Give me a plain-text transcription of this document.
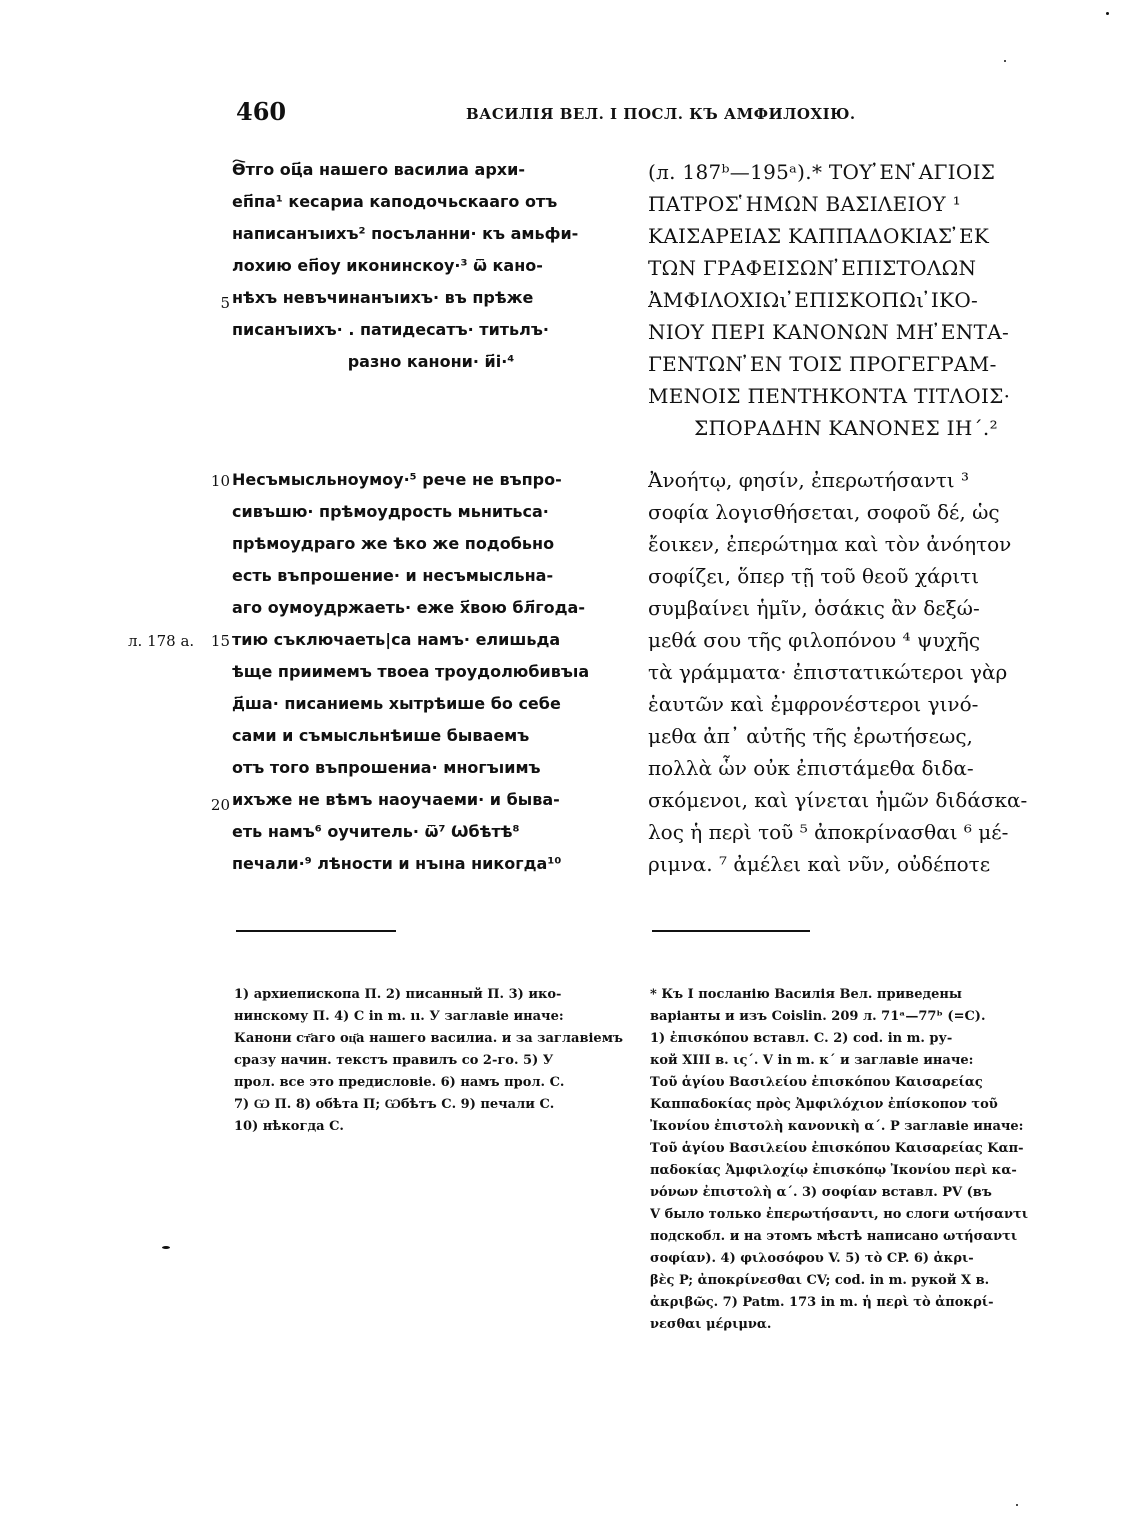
460	ВАСИЛІЯ ВЕЛ. I ПОСЛ. КЪ АМФИЛОХІЮ.
Ѳ҇тго оц҃а нашего василиа архи-
еп҃па¹ кесариа каподочьскааго отъ
написанъıихъ² посъланни· къ амьфи-
лохию еп҃оу иконинскоу·³ ѿ кано-
нѣхъ невъчинанъıихъ· въ прѣже
писанъıихъ· . патидесатъ· титьлъ·
разно канони· и҃і·⁴
Несъмысльноумоу·⁵ рече не въпро-
сивъшю· прѣмоудрость мьнитьса·
прѣмоудраго же ѣко же подобьно
есть въпрошение· и несъмысльна-
аго оумоудржаеть· еже х҃вою бл҃года-
тию съключаеть|са намъ· елишьда
ѣще приимемъ твоеа троудолюбивъıа
д҃ша· писаниемь хытрѣише бо себе
сами и съмысльнѣише бываемъ
отъ того въпрошениа· многъıимъ
ихъже не вѣмъ наоучаеми· и быва-
еть намъ⁶ оучитель· ѿ⁷ Ѡбѣтѣ⁸
печали·⁹ лѣности и нъıна никогда¹⁰
5
10
15
20
л. 178 а.
(л. 187ᵇ—195ᵃ).* ΤΟΥ ̓ΕΝ ̔ΑΓΙΟΙΣ
ΠΑΤΡΟΣ ̔ΗΜΩΝ ΒΑΣΙΛΕΙΟΥ ¹
ΚΑΙΣΑΡΕΙΑΣ ΚΑΠΠΑΔΟΚΙΑΣ ̓ΕΚ
ΤΩΝ ΓΡΑΦΕΙΣΩΝ ̓ΕΠΙΣΤΟΛΩΝ
ἈΜΦΙΛΟΧΙΩι ̓ΕΠΙΣΚΟΠΩι ̓ΙΚΟ-
ΝΙΟΥ ΠΕΡΙ ΚΑΝΟΝΩΝ ΜΗ ̓ΕΝΤΑ-
ΓΕΝΤΩΝ ̓ΕΝ ΤΟΙΣ ΠΡΟΓΕΓΡΑΜ-
ΜΕΝΟΙΣ ΠΕΝΤΗΚΟΝΤΑ ΤΙΤΛΟΙΣ·
ΣΠΟΡΑΔΗΝ ΚΑΝΟΝΕΣ ΙΗ΄.²
Ἀνοήτῳ, φησίν, ἐπερωτήσαντι ³
σοφία λογισθήσεται, σοφοῦ δέ, ὡς
ἔοικεν, ἐπερώτημα καὶ τὸν ἀνόητον
σοφίζει, ὅπερ τῇ τοῦ θεοῦ χάριτι
συμβαίνει ἡμῖν, ὁσάκις ἂν δεξώ-
μεθά σου τῆς φιλοπόνου ⁴ ψυχῆς
τὰ γράμματα· ἐπιστατικώτεροι γὰρ
ἑαυτῶν καὶ ἐμφρονέστεροι γινό-
μεθα ἀπ᾽ αὐτῆς τῆς ἐρωτήσεως,
πολλὰ ὧν οὐκ ἐπιστάμεθα διδα-
σκόμενοι, καὶ γίνεται ἡμῶν διδάσκα-
λος ἡ περὶ τοῦ ⁵ ἀποκρίνασθαι ⁶ μέ-
ριμνα. ⁷ ἀμέλει καὶ νῦν, οὐδέποτε
1) архиепископа П. 2) писанный П. 3) ико-
нинскому П. 4) С in m. ıı. У заглавіе иначе:
Канони ст҃аго оц҃а нашего василиа. и за заглавіемъ
сразу начин. текстъ правилъ со 2-го. 5) У
прол. все это предисловіе. 6) намъ прол. С.
7) Ѡ П. 8) обѣта П; Ѡбѣтъ С. 9) печали С.
10) нѣкогда С.
* Къ I посланію Василія Вел. приведены
варіанты и изъ Coislin. 209 л. 71ᵃ—77ᵇ (=С).
1) ἐπισκόπου вставл. С. 2) cod. in m. ру-
кой XIII в. ις΄. V in m. κ΄ и заглавіе иначе:
Τοῦ ἁγίου Βασιλείου ἐπισκόπου Καισαρείας
Καππαδοκίας πρὸς Ἀμφιλόχιον ἐπίσκοπον τοῦ
Ἰκονίου ἐπιστολὴ κανονικὴ α΄. P заглавіе иначе:
Τοῦ ἁγίου Βασιλείου ἐπισκόπου Καισαρείας Καπ-
παδοκίας Ἀμφιλοχίῳ ἐπισκόπῳ Ἰκονίου περὶ κα-
νόνων ἐπιστολὴ α΄. 3) σοφίαν вставл. PV (въ
V было только ἐπερωτήσαντι, но слоги ωτήσαντι
подскобл. и на этомъ мѣстѣ написано ωτήσαντι
σοφίαν). 4) φιλοσόφου V. 5) τὸ CP. 6) ἀκρι-
βὲς P; ἀποκρίνεσθαι CV; cod. in m. рукой X в.
ἀκριβῶς. 7) Patm. 173 in m. ἡ περὶ τὸ ἀποκρί-
νεσθαι μέριμνα.
